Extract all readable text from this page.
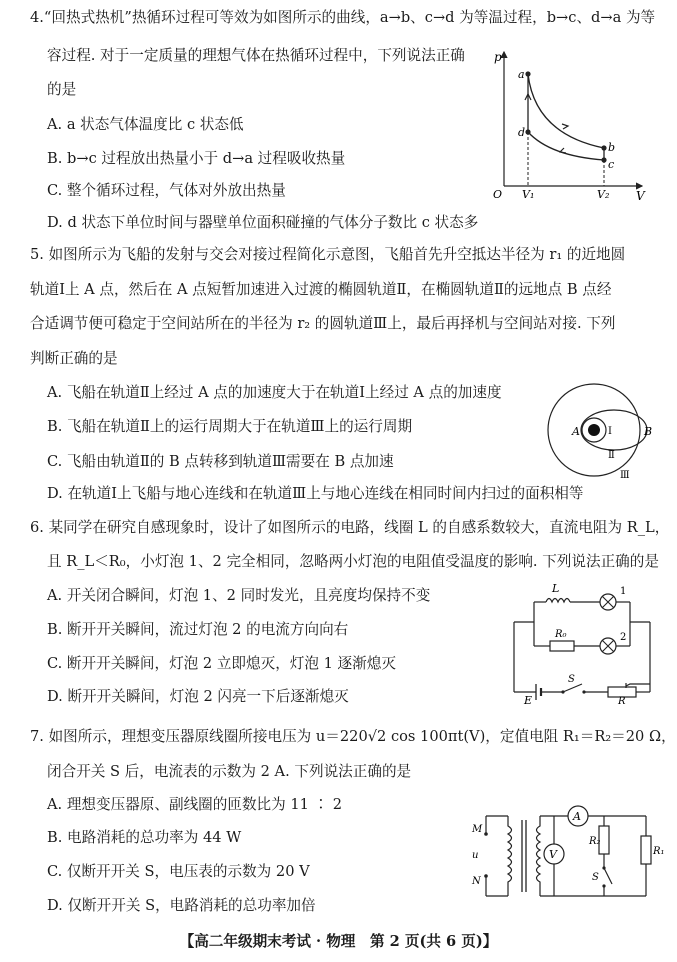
4.“回热式热机”热循环过程可等效为如图所示的曲线，a→b、c→d 为等温过程，b→c、d→a 为等
容过程. 对于一定质量的理想气体在热循环过程中，下列说法正确
的是
A. a 状态气体温度比 c 状态低
B. b→c 过程放出热量小于 d→a 过程吸收热量
C. 整个循环过程，气体对外放出热量
D. d 状态下单位时间与器壁单位面积碰撞的气体分子数比 c 状态多
p
V
O
a
b
c
d
V₁	V₂
5. 如图所示为飞船的发射与交会对接过程简化示意图，飞船首先升空抵达半径为 r₁ 的近地圆
轨道Ⅰ上 A 点，然后在 A 点短暂加速进入过渡的椭圆轨道Ⅱ，在椭圆轨道Ⅱ的远地点 B 点经
合适调节便可稳定于空间站所在的半径为 r₂ 的圆轨道Ⅲ上，最后再择机与空间站对接. 下列
判断正确的是
A. 飞船在轨道Ⅱ上经过 A 点的加速度大于在轨道Ⅰ上经过 A 点的加速度
B. 飞船在轨道Ⅱ上的运行周期大于在轨道Ⅲ上的运行周期
C. 飞船由轨道Ⅱ的 B 点转移到轨道Ⅲ需要在 B 点加速
D. 在轨道Ⅰ上飞船与地心连线和在轨道Ⅲ上与地心连线在相同时间内扫过的面积相等
A	B
Ⅰ
Ⅱ
Ⅲ
6. 某同学在研究自感现象时，设计了如图所示的电路，线圈 L 的自感系数较大，直流电阻为 R_L，
且 R_L＜R₀，小灯泡 1、2 完全相同，忽略两小灯泡的电阻值受温度的影响. 下列说法正确的是
A. 开关闭合瞬间，灯泡 1、2 同时发光，且亮度均保持不变
B. 断开开关瞬间，流过灯泡 2 的电流方向向右
C. 断开开关瞬间，灯泡 2 立即熄灭，灯泡 1 逐渐熄灭
D. 断开开关瞬间，灯泡 2 闪亮一下后逐渐熄灭
L	1
R₀	2
E
S
R
7. 如图所示，理想变压器原线圈所接电压为 u＝220√2 cos 100πt(V)，定值电阻 R₁＝R₂＝20 Ω，
闭合开关 S 后，电流表的示数为 2 A. 下列说法正确的是
A. 理想变压器原、副线圈的匝数比为 11 ∶ 2
B. 电路消耗的总功率为 44 W
C. 仅断开开关 S，电压表的示数为 20 V
D. 仅断开开关 S，电路消耗的总功率加倍
M
u
N
V
A
R₂
S
R₁
【高二年级期末考试 · 物理　第 2 页(共 6 页)】
